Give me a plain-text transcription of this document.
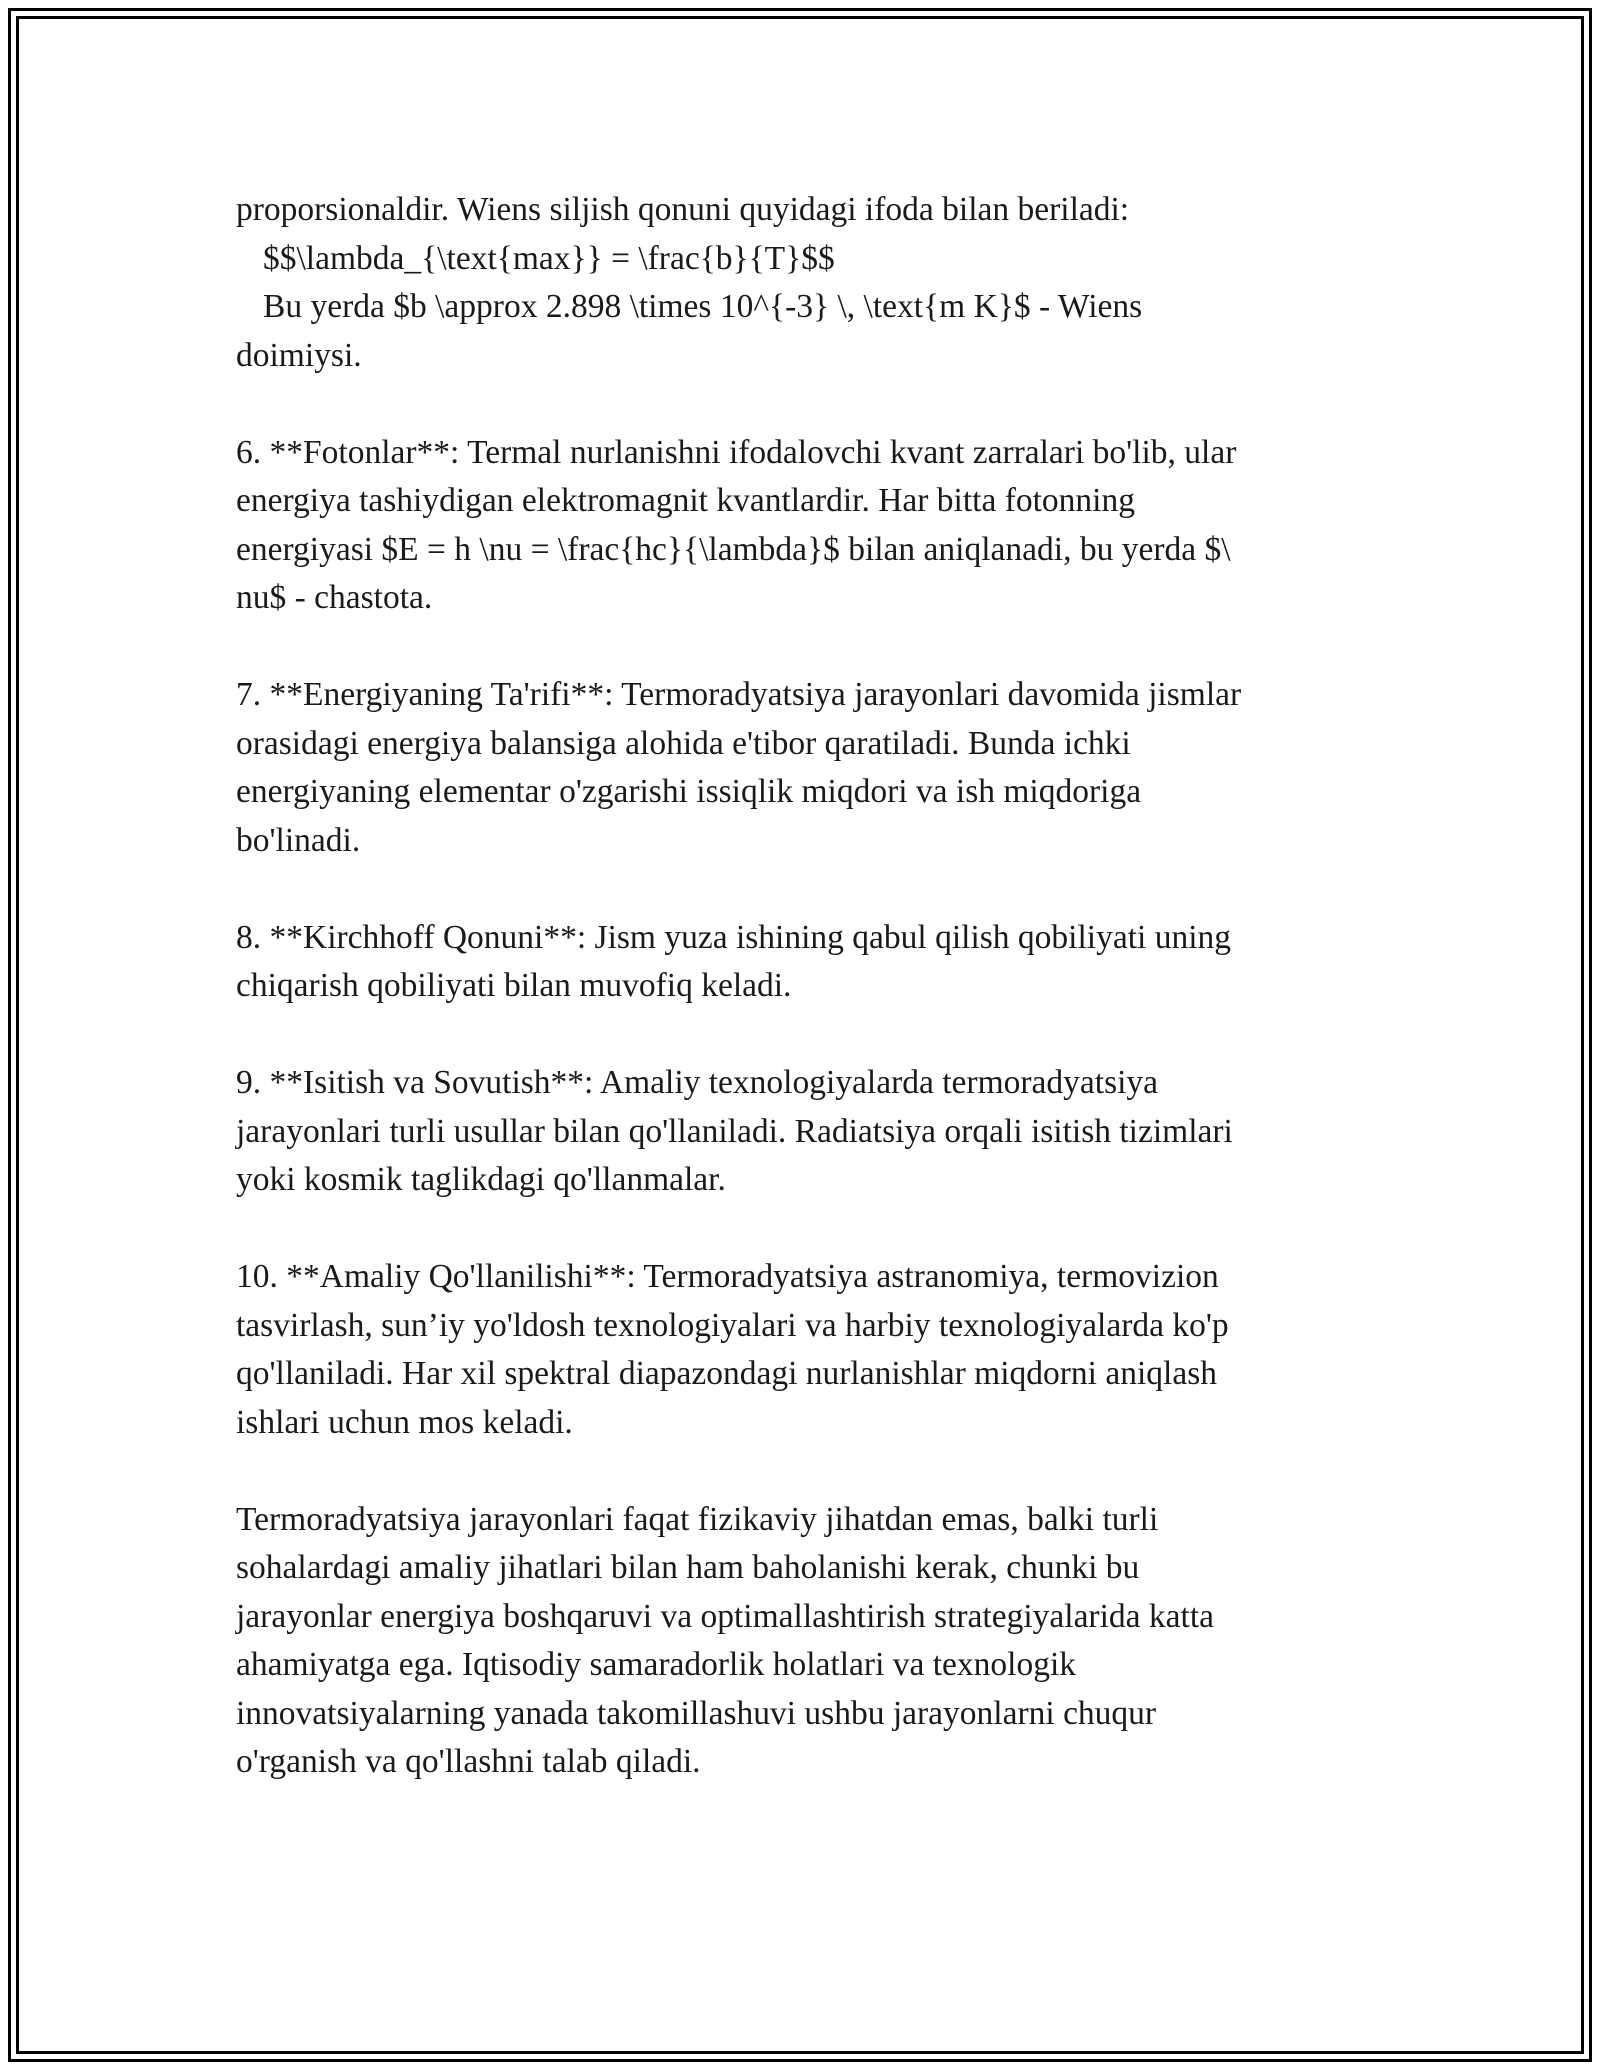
proporsionaldir. Wiens siljish qonuni quyidagi ifoda bilan beriladi:
$$\lambda_{\text{max}} = \frac{b}{T}$$
Bu yerda $b \approx 2.898 \times 10^{-3} \, \text{m K}$ - Wiens
doimiysi.

6. **Fotonlar**: Termal nurlanishni ifodalovchi kvant zarralari bo'lib, ular
energiya tashiydigan elektromagnit kvantlardir. Har bitta fotonning
energiyasi $E = h \nu = \frac{hc}{\lambda}$ bilan aniqlanadi, bu yerda $\
nu$ - chastota.

7. **Energiyaning Ta'rifi**: Termoradyatsiya jarayonlari davomida jismlar
orasidagi energiya balansiga alohida e'tibor qaratiladi. Bunda ichki
energiyaning elementar o'zgarishi issiqlik miqdori va ish miqdoriga
bo'linadi.

8. **Kirchhoff Qonuni**: Jism yuza ishining qabul qilish qobiliyati uning
chiqarish qobiliyati bilan muvofiq keladi.

9. **Isitish va Sovutish**: Amaliy texnologiyalarda termoradyatsiya
jarayonlari turli usullar bilan qo'llaniladi. Radiatsiya orqali isitish tizimlari
yoki kosmik taglikdagi qo'llanmalar.

10. **Amaliy Qo'llanilishi**: Termoradyatsiya astranomiya, termovizion
tasvirlash, sun’iy yo'ldosh texnologiyalari va harbiy texnologiyalarda ko'p
qo'llaniladi. Har xil spektral diapazondagi nurlanishlar miqdorni aniqlash
ishlari uchun mos keladi.

Termoradyatsiya jarayonlari faqat fizikaviy jihatdan emas, balki turli
sohalardagi amaliy jihatlari bilan ham baholanishi kerak, chunki bu
jarayonlar energiya boshqaruvi va optimallashtirish strategiyalarida katta
ahamiyatga ega. Iqtisodiy samaradorlik holatlari va texnologik
innovatsiyalarning yanada takomillashuvi ushbu jarayonlarni chuqur
o'rganish va qo'llashni talab qiladi.
